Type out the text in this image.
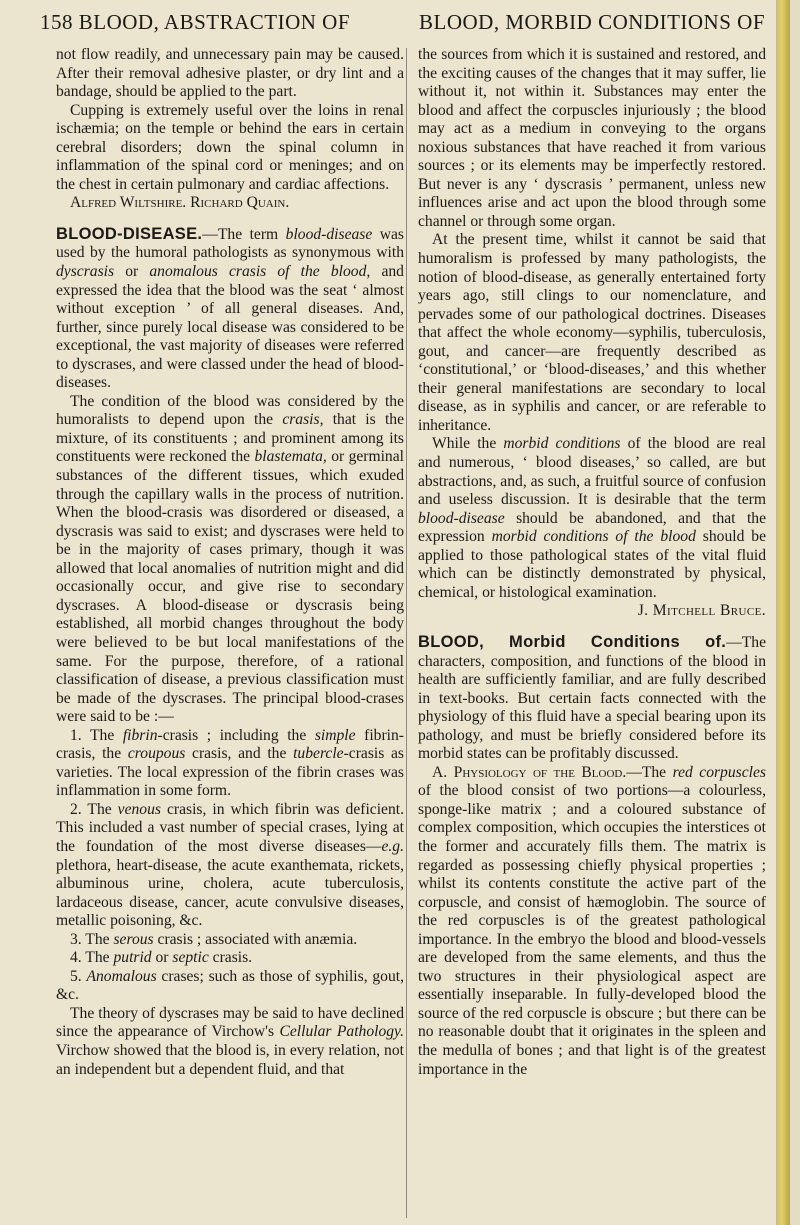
158 BLOOD, ABSTRACTION OF	BLOOD, MORBID CONDITIONS OF

not flow readily, and unnecessary pain may be caused. After their removal adhesive plaster, or dry lint and a bandage, should be applied to the part.

Cupping is extremely useful over the loins in renal ischæmia; on the temple or behind the ears in certain cerebral disorders; down the spinal column in inflammation of the spinal cord or meninges; and on the chest in certain pulmonary and cardiac affections.

Alfred Wiltshire. Richard Quain.

BLOOD-DISEASE.—The term blood-disease was used by the humoral pathologists as synonymous with dyscrasis or anomalous crasis of the blood, and expressed the idea that the blood was the seat ‘ almost without exception ’ of all general diseases. And, further, since purely local disease was considered to be exceptional, the vast majority of diseases were referred to dyscrases, and were classed under the head of blood-diseases.

The condition of the blood was considered by the humoralists to depend upon the crasis, that is the mixture, of its constituents ; and prominent among its constituents were reckoned the blastemata, or germinal substances of the different tissues, which exuded through the capillary walls in the process of nutrition. When the blood-crasis was disordered or diseased, a dyscrasis was said to exist; and dyscrases were held to be in the majority of cases primary, though it was allowed that local anomalies of nutrition might and did occasionally occur, and give rise to secondary dyscrases. A blood-disease or dyscrasis being established, all morbid changes throughout the body were believed to be but local manifestations of the same. For the purpose, therefore, of a rational classification of disease, a previous classification must be made of the dyscrases. The principal blood-crases were said to be :—

1. The fibrin-crasis ; including the simple fibrin-crasis, the croupous crasis, and the tubercle-crasis as varieties. The local expression of the fibrin crases was inflammation in some form.

2. The venous crasis, in which fibrin was deficient. This included a vast number of special crases, lying at the foundation of the most diverse diseases—e.g. plethora, heart-disease, the acute exanthemata, rickets, albuminous urine, cholera, acute tuberculosis, lardaceous disease, cancer, acute convulsive diseases, metallic poisoning, &c.

3. The serous crasis ; associated with anæmia.

4. The putrid or septic crasis.

5. Anomalous crases; such as those of syphilis, gout, &c.

The theory of dyscrases may be said to have declined since the appearance of Virchow's Cellular Pathology. Virchow showed that the blood is, in every relation, not an independent but a dependent fluid, and that

the sources from which it is sustained and restored, and the exciting causes of the changes that it may suffer, lie without it, not within it. Substances may enter the blood and affect the corpuscles injuriously ; the blood may act as a medium in conveying to the organs noxious substances that have reached it from various sources ; or its elements may be imperfectly restored. But never is any ‘ dyscrasis ’ permanent, unless new influences arise and act upon the blood through some channel or through some organ.

At the present time, whilst it cannot be said that humoralism is professed by many pathologists, the notion of blood-disease, as generally entertained forty years ago, still clings to our nomenclature, and pervades some of our pathological doctrines. Diseases that affect the whole economy—syphilis, tuberculosis, gout, and cancer—are frequently described as ‘constitutional,’ or ‘blood-diseases,’ and this whether their general manifestations are secondary to local disease, as in syphilis and cancer, or are referable to inheritance.

While the morbid conditions of the blood are real and numerous, ‘ blood diseases,’ so called, are but abstractions, and, as such, a fruitful source of confusion and useless discussion. It is desirable that the term blood-disease should be abandoned, and that the expression morbid conditions of the blood should be applied to those pathological states of the vital fluid which can be distinctly demonstrated by physical, chemical, or histological examination.

J. Mitchell Bruce.

BLOOD, Morbid Conditions of.—The characters, composition, and functions of the blood in health are sufficiently familiar, and are fully described in text-books. But certain facts connected with the physiology of this fluid have a special bearing upon its pathology, and must be briefly considered before its morbid states can be profitably discussed.

A. Physiology of the Blood.—The red corpuscles of the blood consist of two portions—a colourless, sponge-like matrix ; and a coloured substance of complex composition, which occupies the interstices ot the former and accurately fills them. The matrix is regarded as possessing chiefly physical properties ; whilst its contents constitute the active part of the corpuscle, and consist of hæmoglobin. The source of the red corpuscles is of the greatest pathological importance. In the embryo the blood and blood-vessels are developed from the same elements, and thus the two structures in their physiological aspect are essentially inseparable. In fully-developed blood the source of the red corpuscle is obscure ; but there can be no reasonable doubt that it originates in the spleen and the medulla of bones ; and that light is of the greatest importance in the
